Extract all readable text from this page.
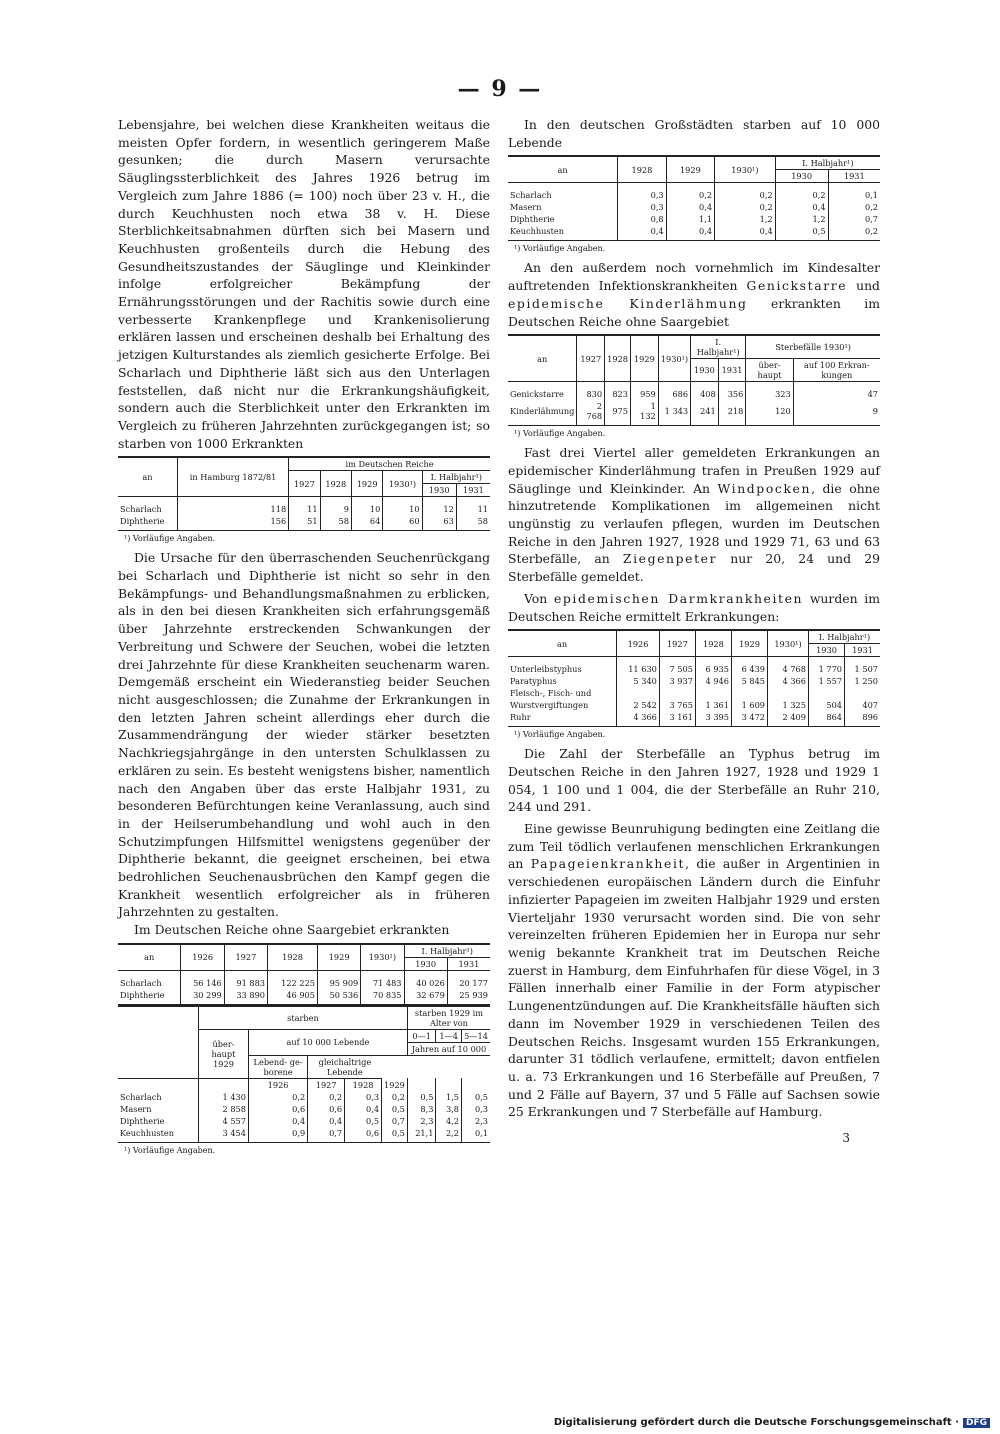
— 9 —

Lebensjahre, bei welchen diese Krankheiten weitaus die meisten Opfer fordern, in wesentlich geringerem Maße gesunken; die durch Masern verursachte Säuglingssterblichkeit des Jahres 1926 betrug im Vergleich zum Jahre 1886 (= 100) noch über 23 v. H., die durch Keuchhusten noch etwa 38 v. H. Diese Sterblichkeitsabnahmen dürften sich bei Masern und Keuchhusten großenteils durch die Hebung des Gesundheitszustandes der Säuglinge und Kleinkinder infolge erfolgreicher Bekämpfung der Ernährungsstörungen und der Rachitis sowie durch eine verbesserte Krankenpflege und Krankenisolierung erklären lassen und erscheinen deshalb bei Erhaltung des jetzigen Kulturstandes als ziemlich gesicherte Erfolge. Bei Scharlach und Diphtherie läßt sich aus den Unterlagen feststellen, daß nicht nur die Erkrankungshäufigkeit, sondern auch die Sterblichkeit unter den Erkrankten im Vergleich zu früheren Jahrzehnten zurückgegangen ist; so starben von 1000 Erkrankten

an	in Hamburg 1872/81	im Deutschen Reiche					
		1927	1928	1929	1930¹)	I. Halbjahr¹)	
						1930	1931

Scharlach	118	11	9	10	10	12	11
Diphtherie	156	51	58	64	60	63	58
¹) Vorläufige Angaben.

Die Ursache für den überraschenden Seuchenrückgang bei Scharlach und Diphtherie ist nicht so sehr in den Bekämpfungs- und Behandlungsmaßnahmen zu erblicken, als in den bei diesen Krankheiten sich erfahrungsgemäß über Jahrzehnte erstreckenden Schwankungen der Verbreitung und Schwere der Seuchen, wobei die letzten drei Jahrzehnte für diese Krankheiten seuchenarm waren. Demgemäß erscheint ein Wiederanstieg beider Seuchen nicht ausgeschlossen; die Zunahme der Erkrankungen in den letzten Jahren scheint allerdings eher durch die Zusammendrängung der wieder stärker besetzten Nachkriegsjahrgänge in den untersten Schulklassen zu erklären zu sein. Es besteht wenigstens bisher, namentlich nach den Angaben über das erste Halbjahr 1931, zu besonderen Befürchtungen keine Veranlassung, auch sind in der Heilserumbehandlung und wohl auch in den Schutzimpfungen Hilfsmittel wenigstens gegenüber der Diphtherie bekannt, die geeignet erscheinen, bei etwa bedrohlichen Seuchenausbrüchen den Kampf gegen die Krankheit wesentlich erfolgreicher als in früheren Jahrzehnten zu gestalten.

Im Deutschen Reiche ohne Saargebiet erkrankten

an	1926	1927	1928	1929	1930¹)	I. Halbjahr¹)	
						1930	1931

Scharlach	56 146	91 883	122 225	95 909	71 483	40 026	20 177
Diphtherie	30 299	33 890	46 905	50 536	70 835	32 679	25 939
	starben					starben 1929 im Alter von		
	über- haupt 1929	auf 10 000 Lebende				0—1	1—4	5—14
						Jahren auf 10 000		
		Lebend- ge- borene	gleichaltrige Lebende					
		1926	1927	1928	1929			
Scharlach	1 430	0,2	0,2	0,3	0,2	0,5	1,5	0,5
Masern	2 858	0,6	0,6	0,4	0,5	8,3	3,8	0,3
Diphtherie	4 557	0,4	0,4	0,5	0,7	2,3	4,2	2,3
Keuchhusten	3 454	0,9	0,7	0,6	0,5	21,1	2,2	0,1
¹) Vorläufige Angaben.

In den deutschen Großstädten starben auf 10 000 Lebende

an	1928	1929	1930¹)	I. Halbjahr¹)	
				1930	1931

Scharlach	0,3	0,2	0,2	0,2	0,1
Masern	0,3	0,4	0,2	0,4	0,2
Diphtherie	0,8	1,1	1,2	1,2	0,7
Keuchhusten	0,4	0,4	0,4	0,5	0,2
¹) Vorläufige Angaben.

An den außerdem noch vornehmlich im Kindesalter auftretenden Infektionskrankheiten Genickstarre und epidemische Kinderlähmung erkrankten im Deutschen Reiche ohne Saargebiet

an	1927	1928	1929	1930¹)	I. Halbjahr¹)		Sterbefälle 1930¹)	
					1930	1931	über- haupt	auf 100 Erkran- kungen

Genickstarre	830	823	959	686	408	356	323	47
Kinderlähmung	2 768	975	1 132	1 343	241	218	120	9
¹) Vorläufige Angaben.

Fast drei Viertel aller gemeldeten Erkrankungen an epidemischer Kinderlähmung trafen in Preußen 1929 auf Säuglinge und Kleinkinder. An Windpocken, die ohne hinzutretende Komplikationen im allgemeinen nicht ungünstig zu verlaufen pflegen, wurden im Deutschen Reiche in den Jahren 1927, 1928 und 1929 71, 63 und 63 Sterbefälle, an Ziegenpeter nur 20, 24 und 29 Sterbefälle gemeldet.

Von epidemischen Darmkrankheiten wurden im Deutschen Reiche ermittelt Erkrankungen:

an	1926	1927	1928	1929	1930¹)	I. Halbjahr¹)	
						1930	1931

Unterleibstyphus	11 630	7 505	6 935	6 439	4 768	1 770	1 507
Paratyphus	5 340	3 937	4 946	5 845	4 366	1 557	1 250
Fleisch-, Fisch- und							
Wurstvergiftungen	2 542	3 765	1 361	1 609	1 325	504	407
Ruhr	4 366	3 161	3 395	3 472	2 409	864	896
¹) Vorläufige Angaben.

Die Zahl der Sterbefälle an Typhus betrug im Deutschen Reiche in den Jahren 1927, 1928 und 1929 1 054, 1 100 und 1 004, die der Sterbefälle an Ruhr 210, 244 und 291.

Eine gewisse Beunruhigung bedingten eine Zeitlang die zum Teil tödlich verlaufenen menschlichen Erkrankungen an Papageienkrankheit, die außer in Argentinien in verschiedenen europäischen Ländern durch die Einfuhr infizierter Papageien im zweiten Halbjahr 1929 und ersten Vierteljahr 1930 verursacht worden sind. Die von sehr vereinzelten früheren Epidemien her in Europa nur sehr wenig bekannte Krankheit trat im Deutschen Reiche zuerst in Hamburg, dem Einfuhrhafen für diese Vögel, in 3 Fällen innerhalb einer Familie in der Form atypischer Lungenentzündungen auf. Die Krankheitsfälle häuften sich dann im November 1929 in verschiedenen Teilen des Deutschen Reichs. Insgesamt wurden 155 Erkrankungen, darunter 31 tödlich verlaufene, ermittelt; davon entfielen u. a. 73 Erkrankungen und 16 Sterbefälle auf Preußen, 7 und 2 Fälle auf Bayern, 37 und 5 Fälle auf Sachsen sowie 25 Erkrankungen und 7 Sterbefälle auf Hamburg.

3
Digitalisierung gefördert durch die Deutsche Forschungsgemeinschaft · DFG
